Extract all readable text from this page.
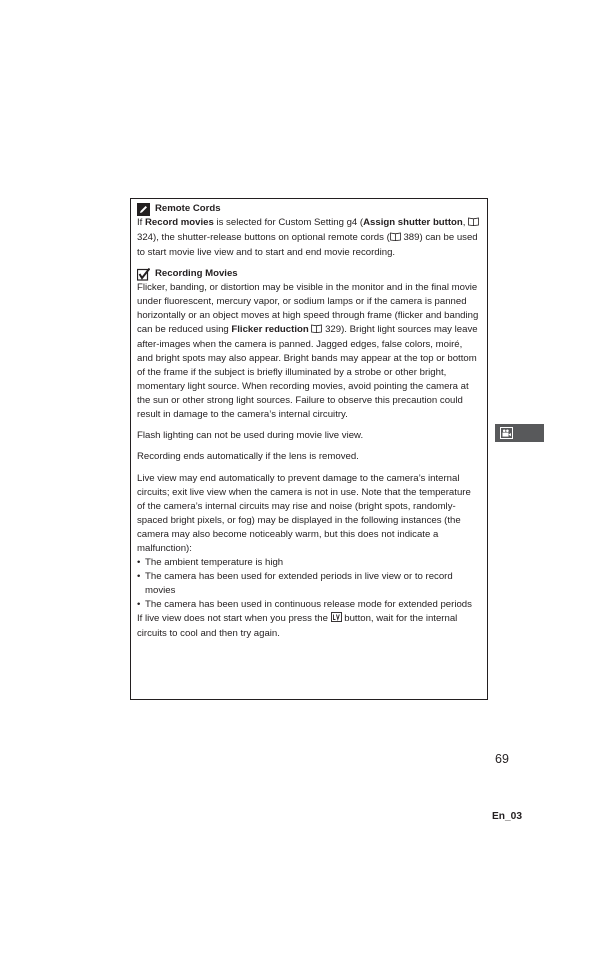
Remote Cords

If Record movies is selected for Custom Setting g4 (Assign shutter button,  324), the shutter-release buttons on optional remote cords ( 389) can be used to start movie live view and to start and end movie recording.

Recording Movies

Flicker, banding, or distortion may be visible in the monitor and in the final movie under fluorescent, mercury vapor, or sodium lamps or if the camera is panned horizontally or an object moves at high speed through frame (flicker and banding can be reduced using Flicker reduction 329). Bright light sources may leave after-images when the camera is panned. Jagged edges, false colors, moiré, and bright spots may also appear. Bright bands may appear at the top or bottom of the frame if the subject is briefly illuminated by a strobe or other bright, momentary light source. When recording movies, avoid pointing the camera at the sun or other strong light sources. Failure to observe this precaution could result in damage to the camera’s internal circuitry.

Flash lighting can not be used during movie live view.

Recording ends automatically if the lens is removed.

Live view may end automatically to prevent damage to the camera’s internal circuits; exit live view when the camera is not in use. Note that the temperature of the camera’s internal circuits may rise and noise (bright spots, randomly-spaced bright pixels, or fog) may be displayed in the following instances (the camera may also become noticeably warm, but this does not indicate a malfunction):

• The ambient temperature is high
• The camera has been used for extended periods in live view or to record movies
• The camera has been used in continuous release mode for extended periods

If live view does not start when you press the  button, wait for the internal circuits to cool and then try again.

69
En_03
